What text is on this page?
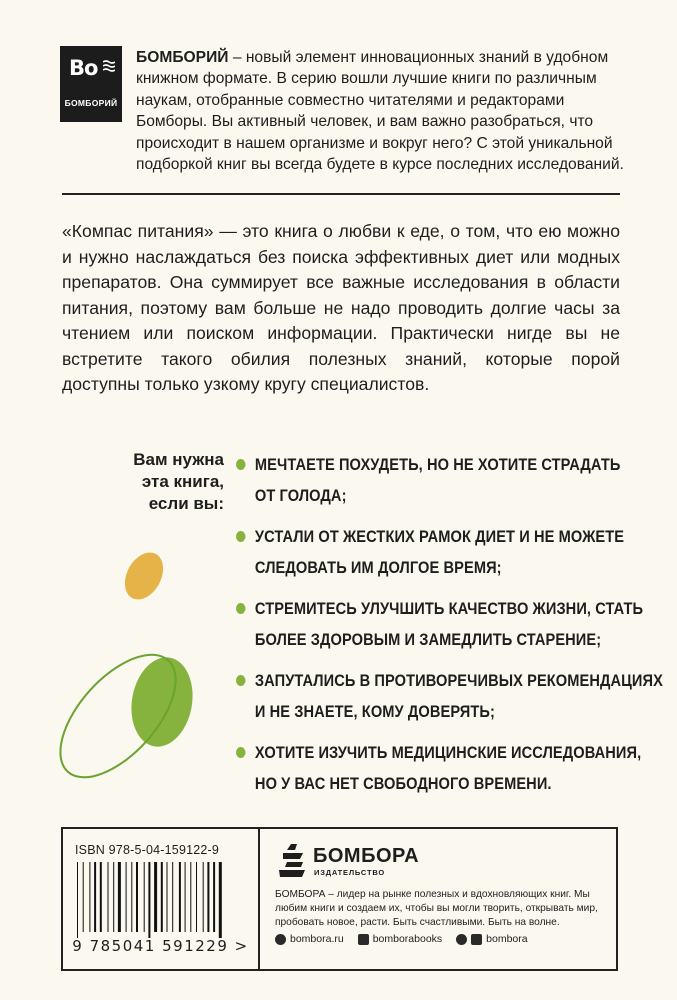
Bo
БОМБОРИЙ

БОМБОРИЙ – новый элемент инновационных знаний в удобном книжном формате. В серию вошли лучшие книги по различным наукам, отобранные совместно читателями и редакторами Бомборы. Вы активный человек, и вам важно разобраться, что происходит в нашем организме и вокруг него? С этой уникальной подборкой книг вы всегда будете в курсе последних исследований.

«Компас питания» — это книга о любви к еде, о том, что ею можно и нужно наслаждаться без поиска эффективных диет или модных препаратов. Она суммирует все важные исследования в области питания, поэтому вам больше не надо проводить долгие часы за чтением или поиском информации. Практически нигде вы не встретите такого обилия полезных знаний, которые порой доступны только узкому кругу специалистов.

Вам нужна
эта книга,
если вы:

МЕЧТАЕТЕ ПОХУДЕТЬ, НО НЕ ХОТИТЕ СТРАДАТЬ
ОТ ГОЛОДА;
УСТАЛИ ОТ ЖЕСТКИХ РАМОК ДИЕТ И НЕ МОЖЕТЕ
СЛЕДОВАТЬ ИМ ДОЛГОЕ ВРЕМЯ;
СТРЕМИТЕСЬ УЛУЧШИТЬ КАЧЕСТВО ЖИЗНИ, СТАТЬ
БОЛЕЕ ЗДОРОВЫМ И ЗАМЕДЛИТЬ СТАРЕНИЕ;
ЗАПУТАЛИСЬ В ПРОТИВОРЕЧИВЫХ РЕКОМЕНДАЦИЯХ
И НЕ ЗНАЕТЕ, КОМУ ДОВЕРЯТЬ;
ХОТИТЕ ИЗУЧИТЬ МЕДИЦИНСКИЕ ИССЛЕДОВАНИЯ,
НО У ВАС НЕТ СВОБОДНОГО ВРЕМЕНИ.
ISBN 978-5-04-159122-9
9 785041 591229 >
БОМБОРА
ИЗДАТЕЛЬСТВО

БОМБОРА – лидер на рынке полезных и вдохновляющих книг. Мы любим книги и создаем их, чтобы вы могли творить, открывать мир, пробовать новое, расти. Быть счастливыми. Быть на волне.

bombora.ru	bomborabooks	bombora
